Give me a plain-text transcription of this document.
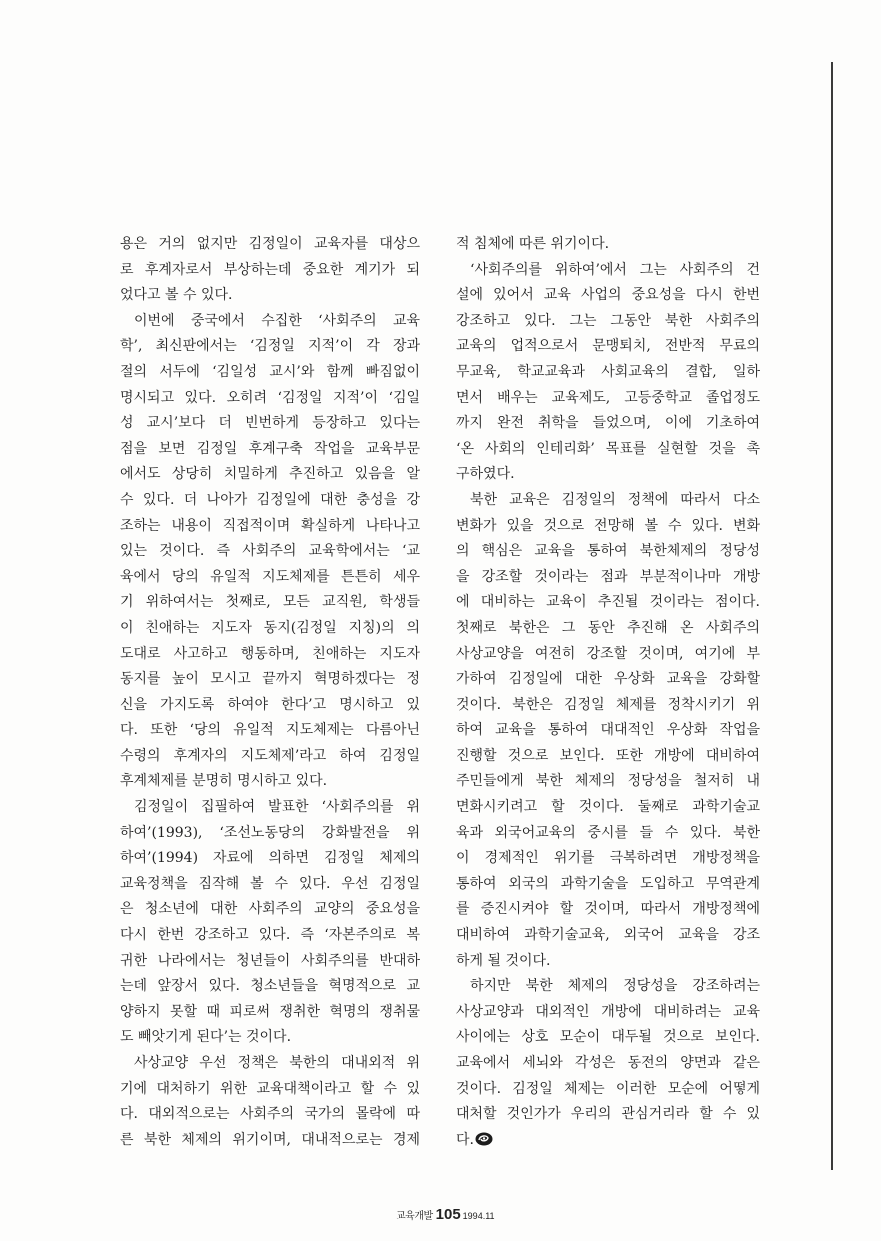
용은 거의 없지만 김정일이 교육자를 대상으
로 후계자로서 부상하는데 중요한 계기가 되
었다고 볼 수 있다.
이번에 중국에서 수집한 ‘사회주의 교육
학’, 최신판에서는 ‘김정일 지적’이 각 장과
절의 서두에 ‘김일성 교시’와 함께 빠짐없이
명시되고 있다. 오히려 ‘김정일 지적’이 ‘김일
성 교시’보다 더 빈번하게 등장하고 있다는
점을 보면 김정일 후계구축 작업을 교육부문
에서도 상당히 치밀하게 추진하고 있음을 알
수 있다. 더 나아가 김정일에 대한 충성을 강
조하는 내용이 직접적이며 확실하게 나타나고
있는 것이다. 즉 사회주의 교육학에서는 ‘교
육에서 당의 유일적 지도체제를 튼튼히 세우
기 위하여서는 첫째로, 모든 교직원, 학생들
이 친애하는 지도자 동지(김정일 지칭)의 의
도대로 사고하고 행동하며, 친애하는 지도자
동지를 높이 모시고 끝까지 혁명하겠다는 정
신을 가지도록 하여야 한다’고 명시하고 있
다. 또한 ‘당의 유일적 지도체제는 다름아닌
수령의 후계자의 지도체제’라고 하여 김정일
후계체제를 분명히 명시하고 있다.
김정일이 집필하여 발표한 ‘사회주의를 위
하여’(1993), ‘조선노동당의 강화발전을 위
하여’(1994) 자료에 의하면 김정일 체제의
교육정책을 짐작해 볼 수 있다. 우선 김정일
은 청소년에 대한 사회주의 교양의 중요성을
다시 한번 강조하고 있다. 즉 ‘자본주의로 복
귀한 나라에서는 청년들이 사회주의를 반대하
는데 앞장서 있다. 청소년들을 혁명적으로 교
양하지 못할 때 피로써 쟁취한 혁명의 쟁취물
도 빼앗기게 된다’는 것이다.
사상교양 우선 정책은 북한의 대내외적 위
기에 대처하기 위한 교육대책이라고 할 수 있
다. 대외적으로는 사회주의 국가의 몰락에 따
른 북한 체제의 위기이며, 대내적으로는 경제
적 침체에 따른 위기이다.
‘사회주의를 위하여’에서 그는 사회주의 건
설에 있어서 교육 사업의 중요성을 다시 한번
강조하고 있다. 그는 그동안 북한 사회주의
교육의 업적으로서 문맹퇴치, 전반적 무료의
무교육, 학교교육과 사회교육의 결합, 일하
면서 배우는 교육제도, 고등중학교 졸업정도
까지 완전 취학을 들었으며, 이에 기초하여
‘온 사회의 인테리화’ 목표를 실현할 것을 촉
구하였다.
북한 교육은 김정일의 정책에 따라서 다소
변화가 있을 것으로 전망해 볼 수 있다. 변화
의 핵심은 교육을 통하여 북한체제의 정당성
을 강조할 것이라는 점과 부분적이나마 개방
에 대비하는 교육이 추진될 것이라는 점이다.
첫째로 북한은 그 동안 추진해 온 사회주의
사상교양을 여전히 강조할 것이며, 여기에 부
가하여 김정일에 대한 우상화 교육을 강화할
것이다. 북한은 김정일 체제를 정착시키기 위
하여 교육을 통하여 대대적인 우상화 작업을
진행할 것으로 보인다. 또한 개방에 대비하여
주민들에게 북한 체제의 정당성을 철저히 내
면화시키려고 할 것이다. 둘째로 과학기술교
육과 외국어교육의 중시를 들 수 있다. 북한
이 경제적인 위기를 극복하려면 개방정책을
통하여 외국의 과학기술을 도입하고 무역관계
를 증진시켜야 할 것이며, 따라서 개방정책에
대비하여 과학기술교육, 외국어 교육을 강조
하게 될 것이다.
하지만 북한 체제의 정당성을 강조하려는
사상교양과 대외적인 개방에 대비하려는 교육
사이에는 상호 모순이 대두될 것으로 보인다.
교육에서 세뇌와 각성은 동전의 양면과 같은
것이다. 김정일 체제는 이러한 모순에 어떻게
대처할 것인가가 우리의 관심거리라 할 수 있
다.
교육개발 105 1994.11
